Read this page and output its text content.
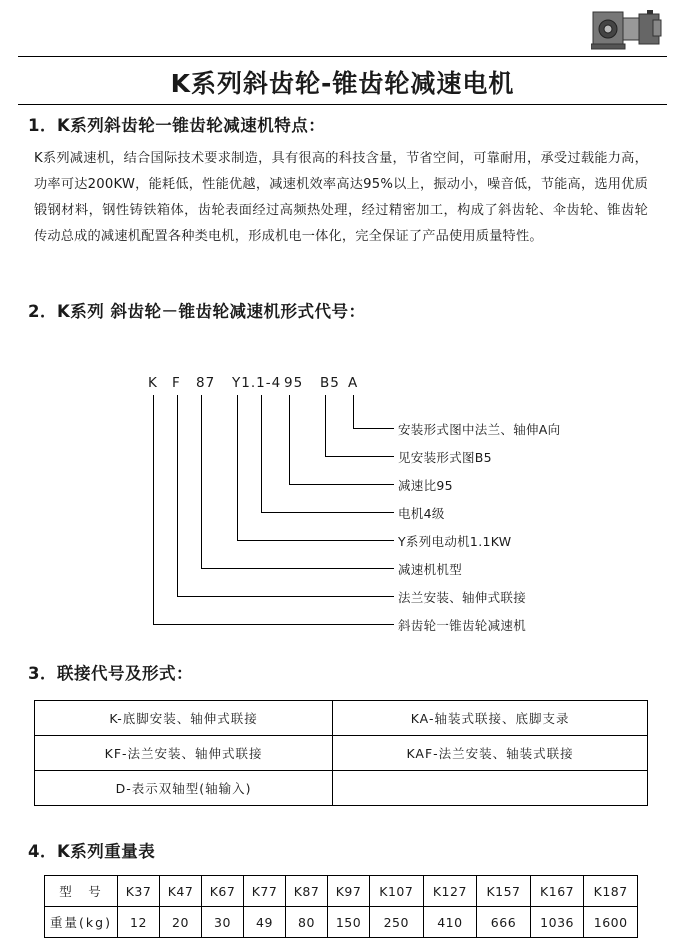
K系列斜齿轮-锥齿轮减速电机
1．K系列斜齿轮一锥齿轮减速机特点：
K系列减速机，结合国际技术要求制造，具有很高的科技含量，节省空间，可靠耐用，承受过载能力高，功率可达200KW，能耗低，性能优越，减速机效率高达95%以上，振动小，噪音低，节能高，选用优质锻钢材料，钢性铸铁箱体，齿轮表面经过高频热处理，经过精密加工，构成了斜齿轮、伞齿轮、锥齿轮传动总成的减速机配置各种类电机，形成机电一体化，完全保证了产品使用质量特性。
2．K系列 斜齿轮－锥齿轮减速机形式代号：
K F 87 Y1.1-4 95 B5 A
安装形式图中法兰、轴伸A向
见安装形式图B5
减速比95
电机4级
Y系列电动机1.1KW
减速机机型
法兰安装、轴伸式联接
斜齿轮一锥齿轮减速机
3．联接代号及形式：
K-底脚安装、轴伸式联接	KA-轴装式联接、底脚支录
KF-法兰安装、轴伸式联接	KAF-法兰安装、轴装式联接
D-表示双轴型(轴输入)	
4．K系列重量表
型　号	K37	K47	K67	K77	K87	K97	K107	K127	K157	K167	K187
重量(kg)	12	20	30	49	80	150	250	410	666	1036	1600
